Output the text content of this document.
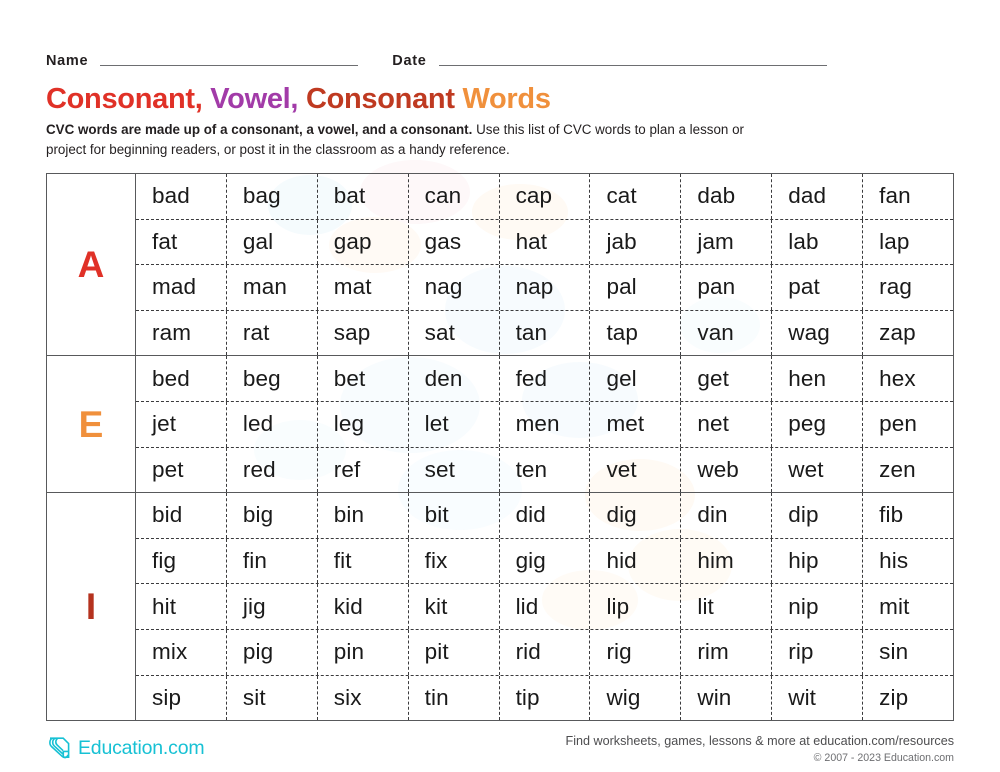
Name	Date
Consonant, Vowel, Consonant Words
CVC words are made up of a consonant, a vowel, and a consonant. Use this list of CVC words to plan a lesson or project for beginning readers, or post it in the classroom as a handy reference.
A
bad	bag	bat	can	cap	cat	dab	dad	fan
fat	gal	gap	gas	hat	jab	jam	lab	lap
mad	man	mat	nag	nap	pal	pan	pat	rag
ram	rat	sap	sat	tan	tap	van	wag	zap
E
bed	beg	bet	den	fed	gel	get	hen	hex
jet	led	leg	let	men	met	net	peg	pen
pet	red	ref	set	ten	vet	web	wet	zen
I
bid	big	bin	bit	did	dig	din	dip	fib
fig	fin	fit	fix	gig	hid	him	hip	his
hit	jig	kid	kit	lid	lip	lit	nip	mit
mix	pig	pin	pit	rid	rig	rim	rip	sin
sip	sit	six	tin	tip	wig	win	wit	zip
Education.com	Find worksheets, games, lessons & more at education.com/resources
© 2007 - 2023 Education.com
